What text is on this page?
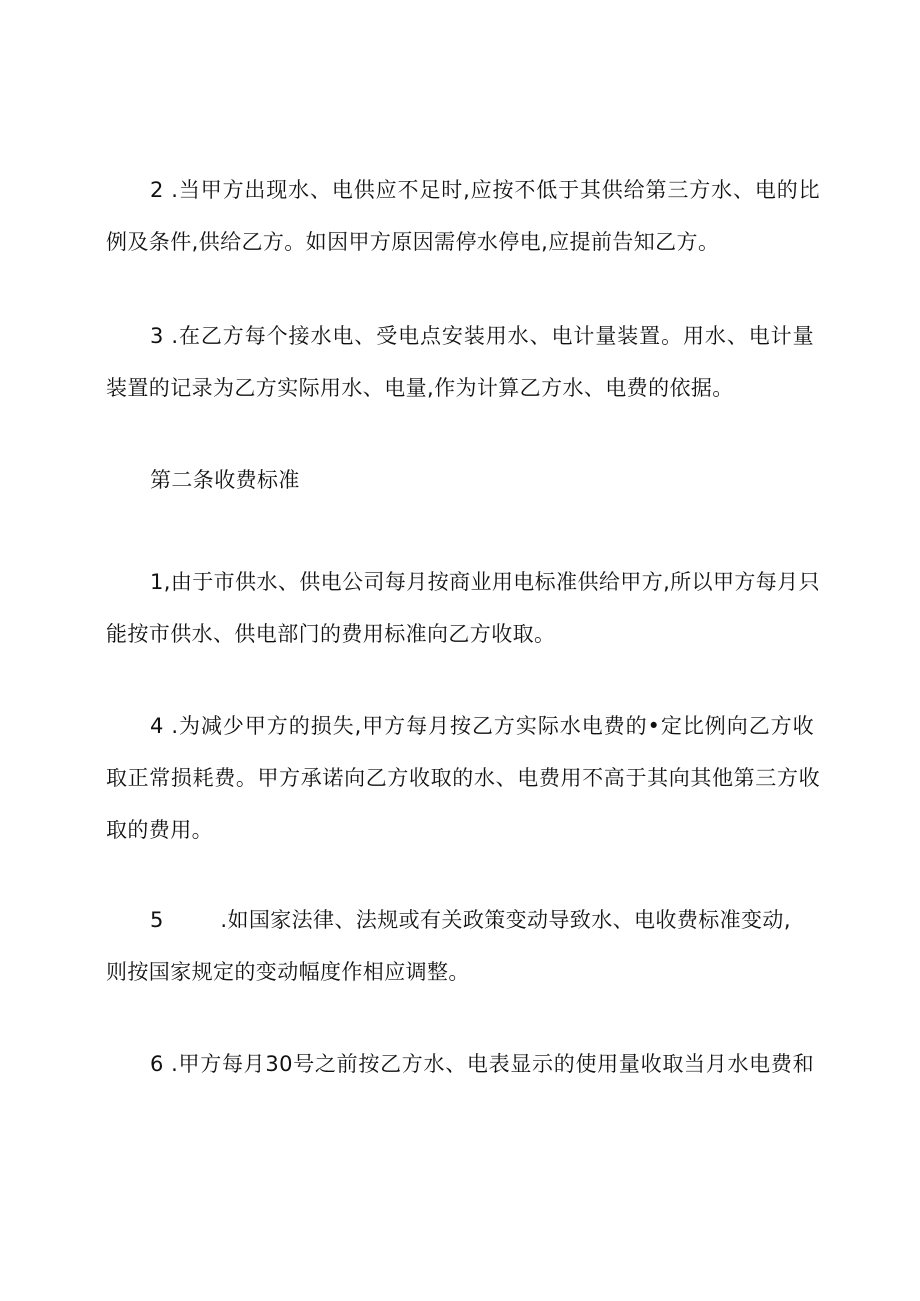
2 .当甲方出现水、电供应不足时,应按不低于其供给第三方水、电的比
例及条件,供给乙方。如因甲方原因需停水停电,应提前告知乙方。
3 .在乙方每个接水电、受电点安装用水、电计量装置。用水、电计量
装置的记录为乙方实际用水、电量,作为计算乙方水、电费的依据。
第二条收费标准
1,由于市供水、供电公司每月按商业用电标准供给甲方,所以甲方每月只
能按市供水、供电部门的费用标准向乙方收取。
4 .为减少甲方的损失,甲方每月按乙方实际水电费的•定比例向乙方收
取正常损耗费。甲方承诺向乙方收取的水、电费用不高于其向其他第三方收
取的费用。
5        .如国家法律、法规或有关政策变动导致水、电收费标准变动,
则按国家规定的变动幅度作相应调整。
6 .甲方每月30号之前按乙方水、电表显示的使用量收取当月水电费和
